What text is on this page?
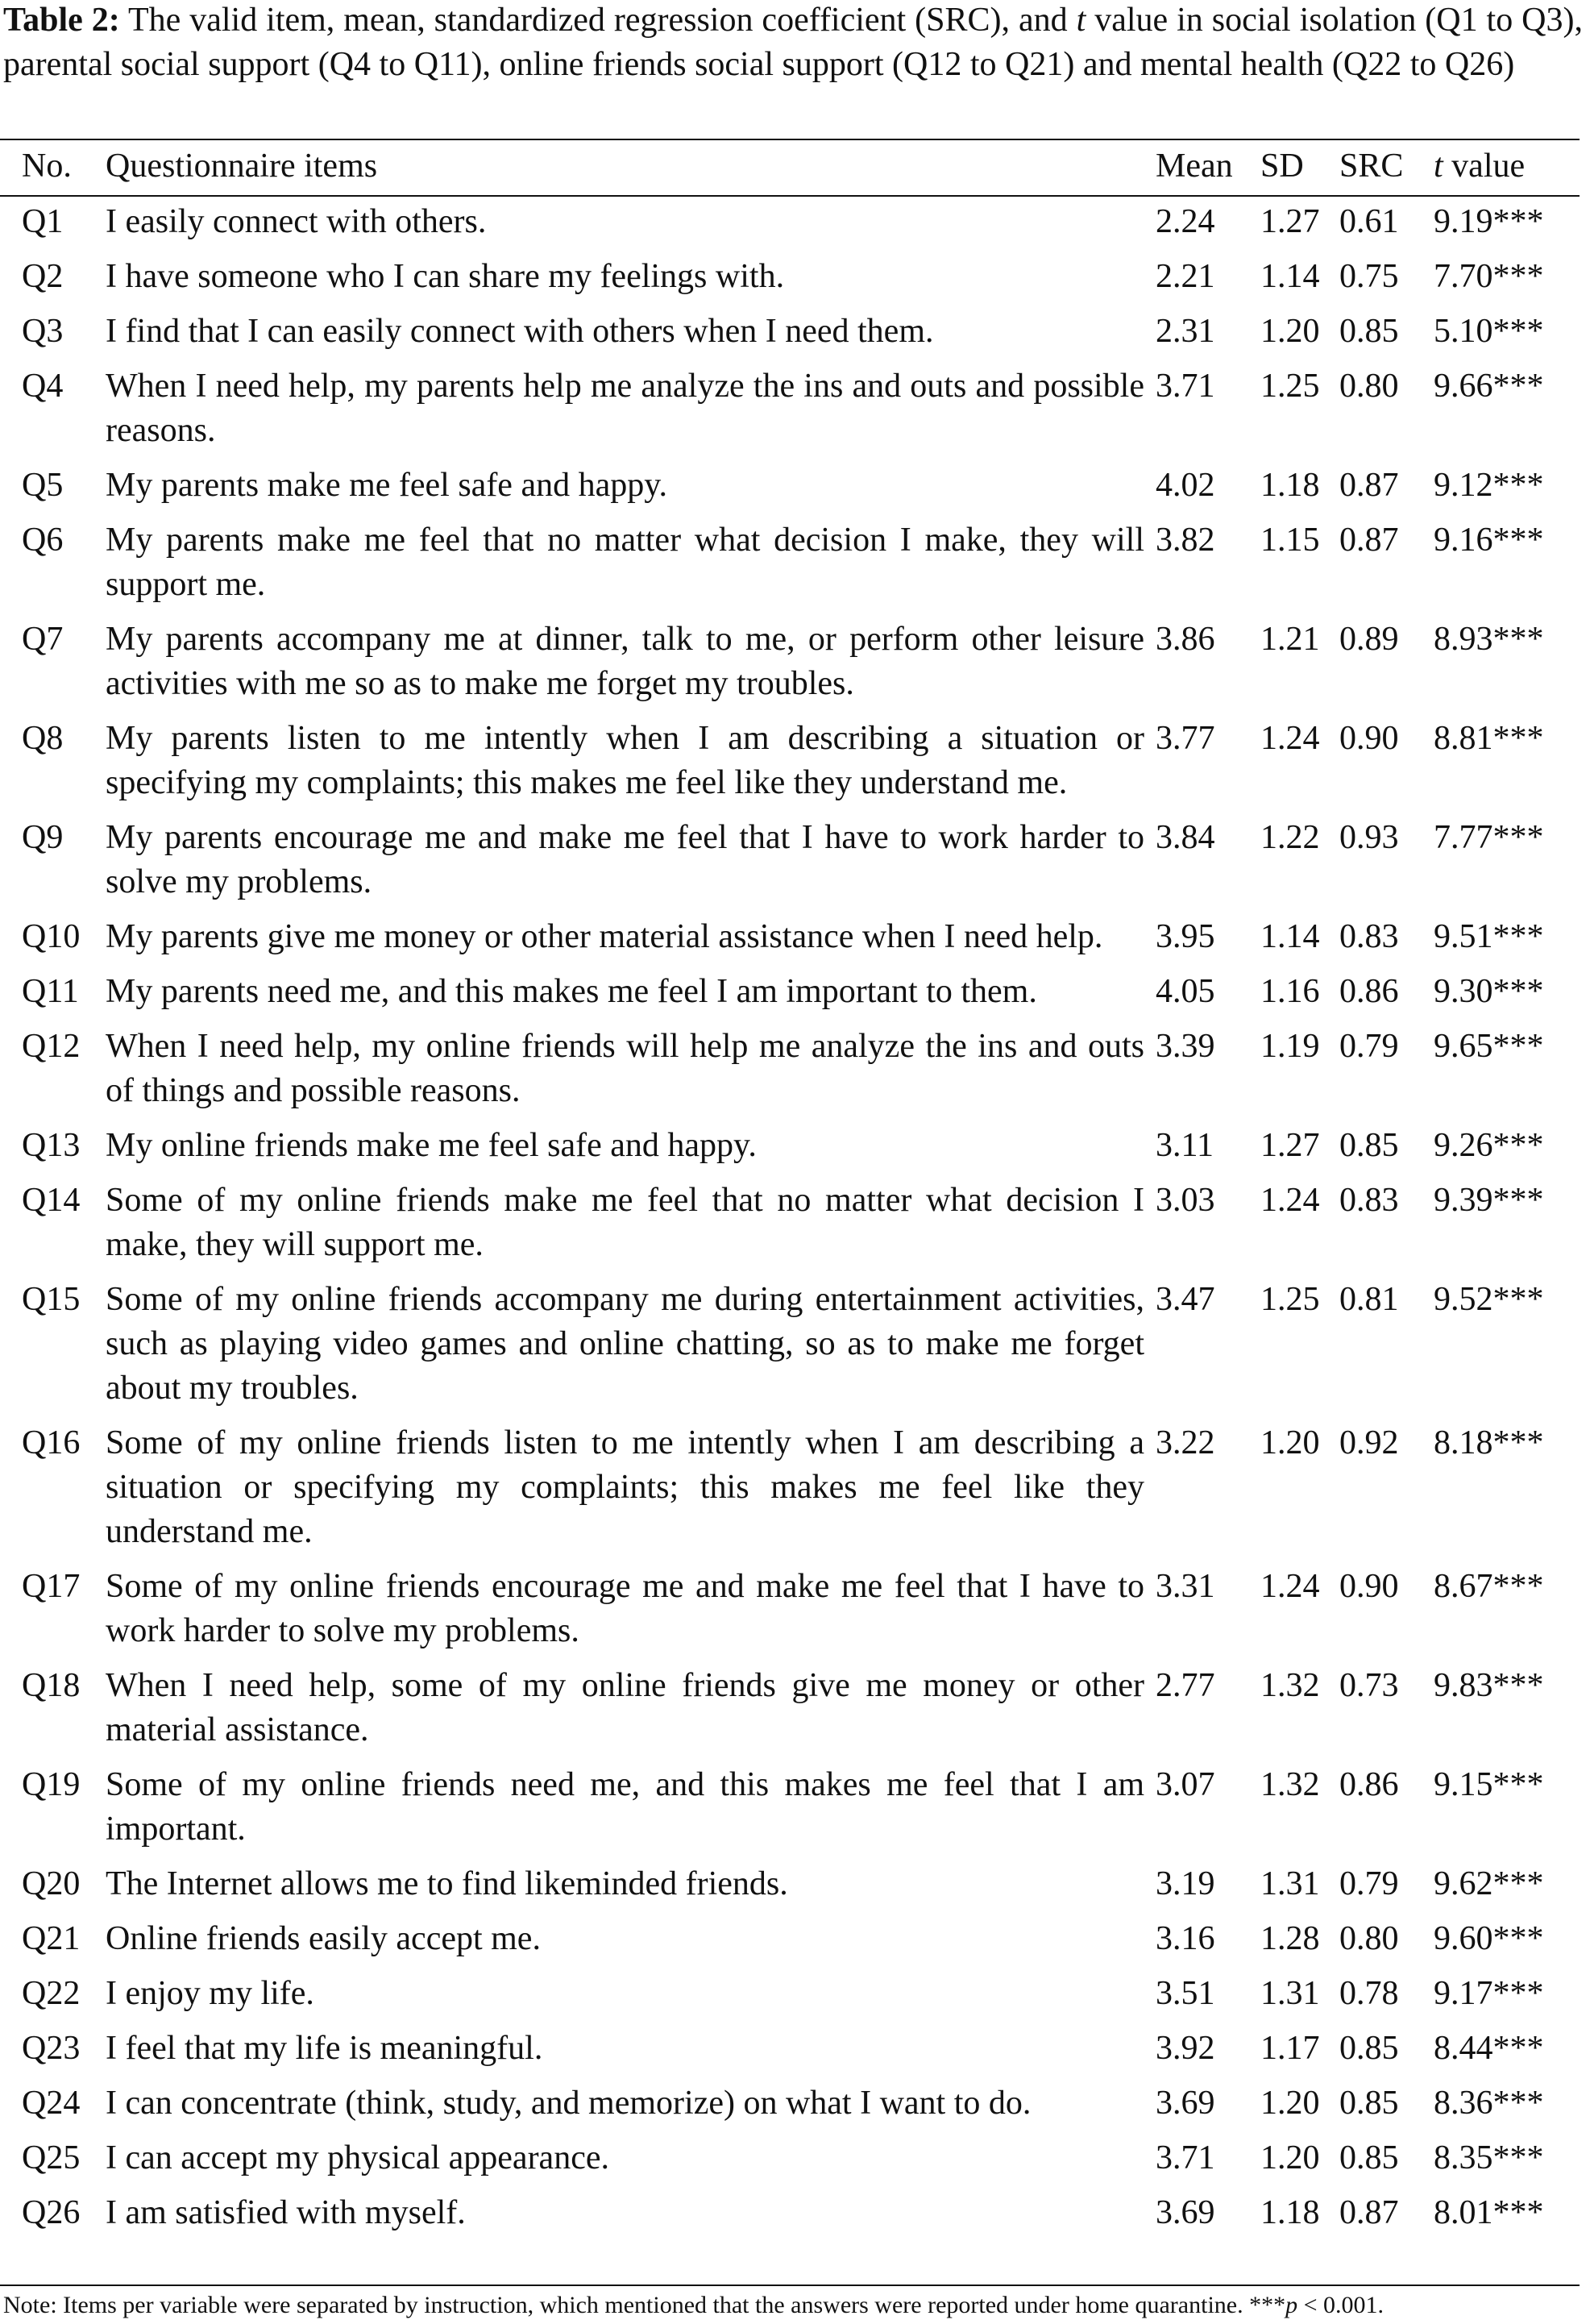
Table 2: The valid item, mean, standardized regression coefficient (SRC), and t value in social isolation (Q1 to Q3), parental social support (Q4 to Q11), online friends social support (Q12 to Q21) and mental health (Q22 to Q26)
No.	Questionnaire items	Mean	SD	SRC	t value
Q1	I easily connect with others.	2.24	1.27	0.61	9.19***
Q2	I have someone who I can share my feelings with.	2.21	1.14	0.75	7.70***
Q3	I find that I can easily connect with others when I need them.	2.31	1.20	0.85	5.10***
Q4	When I need help, my parents help me analyze the ins and outs and possible reasons.	3.71	1.25	0.80	9.66***
Q5	My parents make me feel safe and happy.	4.02	1.18	0.87	9.12***
Q6	My parents make me feel that no matter what decision I make, they will support me.	3.82	1.15	0.87	9.16***
Q7	My parents accompany me at dinner, talk to me, or perform other leisure activities with me so as to make me forget my troubles.	3.86	1.21	0.89	8.93***
Q8	My parents listen to me intently when I am describing a situation or specifying my complaints; this makes me feel like they understand me.	3.77	1.24	0.90	8.81***
Q9	My parents encourage me and make me feel that I have to work harder to solve my problems.	3.84	1.22	0.93	7.77***
Q10	My parents give me money or other material assistance when I need help.	3.95	1.14	0.83	9.51***
Q11	My parents need me, and this makes me feel I am important to them.	4.05	1.16	0.86	9.30***
Q12	When I need help, my online friends will help me analyze the ins and outs of things and possible reasons.	3.39	1.19	0.79	9.65***
Q13	My online friends make me feel safe and happy.	3.11	1.27	0.85	9.26***
Q14	Some of my online friends make me feel that no matter what decision I make, they will support me.	3.03	1.24	0.83	9.39***
Q15	Some of my online friends accompany me during entertainment activities, such as playing video games and online chatting, so as to make me forget about my troubles.	3.47	1.25	0.81	9.52***
Q16	Some of my online friends listen to me intently when I am describing a situation or specifying my complaints; this makes me feel like they understand me.	3.22	1.20	0.92	8.18***
Q17	Some of my online friends encourage me and make me feel that I have to work harder to solve my problems.	3.31	1.24	0.90	8.67***
Q18	When I need help, some of my online friends give me money or other material assistance.	2.77	1.32	0.73	9.83***
Q19	Some of my online friends need me, and this makes me feel that I am important.	3.07	1.32	0.86	9.15***
Q20	The Internet allows me to find likeminded friends.	3.19	1.31	0.79	9.62***
Q21	Online friends easily accept me.	3.16	1.28	0.80	9.60***
Q22	I enjoy my life.	3.51	1.31	0.78	9.17***
Q23	I feel that my life is meaningful.	3.92	1.17	0.85	8.44***
Q24	I can concentrate (think, study, and memorize) on what I want to do.	3.69	1.20	0.85	8.36***
Q25	I can accept my physical appearance.	3.71	1.20	0.85	8.35***
Q26	I am satisfied with myself.	3.69	1.18	0.87	8.01***
Note: Items per variable were separated by instruction, which mentioned that the answers were reported under home quarantine. ***p < 0.001.
